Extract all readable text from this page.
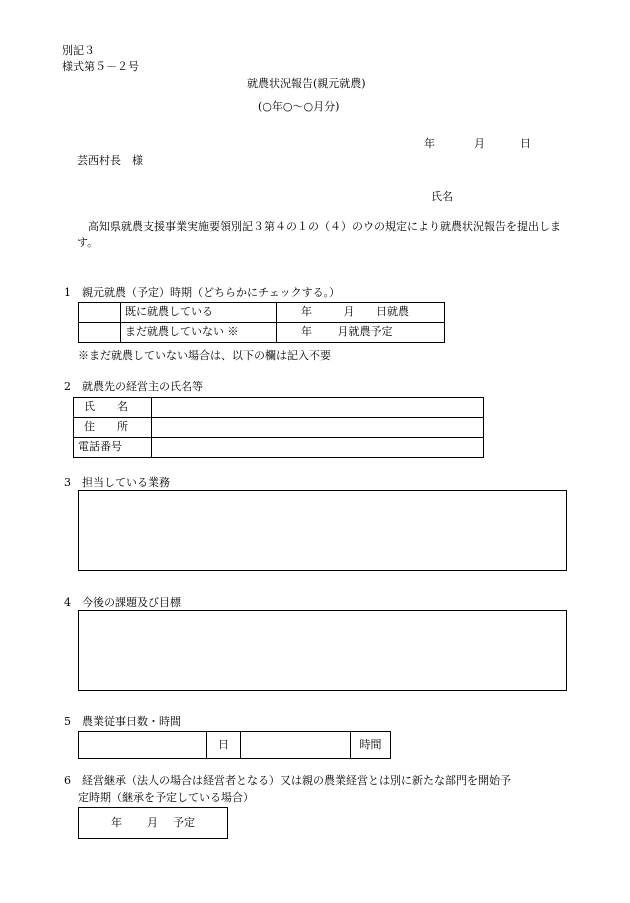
別記３
様式第５－２号
就農状況報告(親元就農)
(○年○～○月分)
年	月	日
芸西村長　様
氏名
高知県就農支援事業実施要領別記３第４の１の（４）のウの規定により就農状況報告を提出します。
1　親元就農（予定）時期（どちらかにチェックする。）
	既に就農している	年 月 日就農
	まだ就農していない ※	年 月就農予定
※まだ就農していない場合は、以下の欄は記入不要
2　就農先の経営主の氏名等
氏　　名	
住　　所	
電話番号	
3　担当している業務
4　今後の課題及び目標
5　農業従事日数・時間
	日		時間
6　経営継承（法人の場合は経営者となる）又は親の農業経営とは別に新たな部門を開始予
定時期（継承を予定している場合）
年 月 予定
